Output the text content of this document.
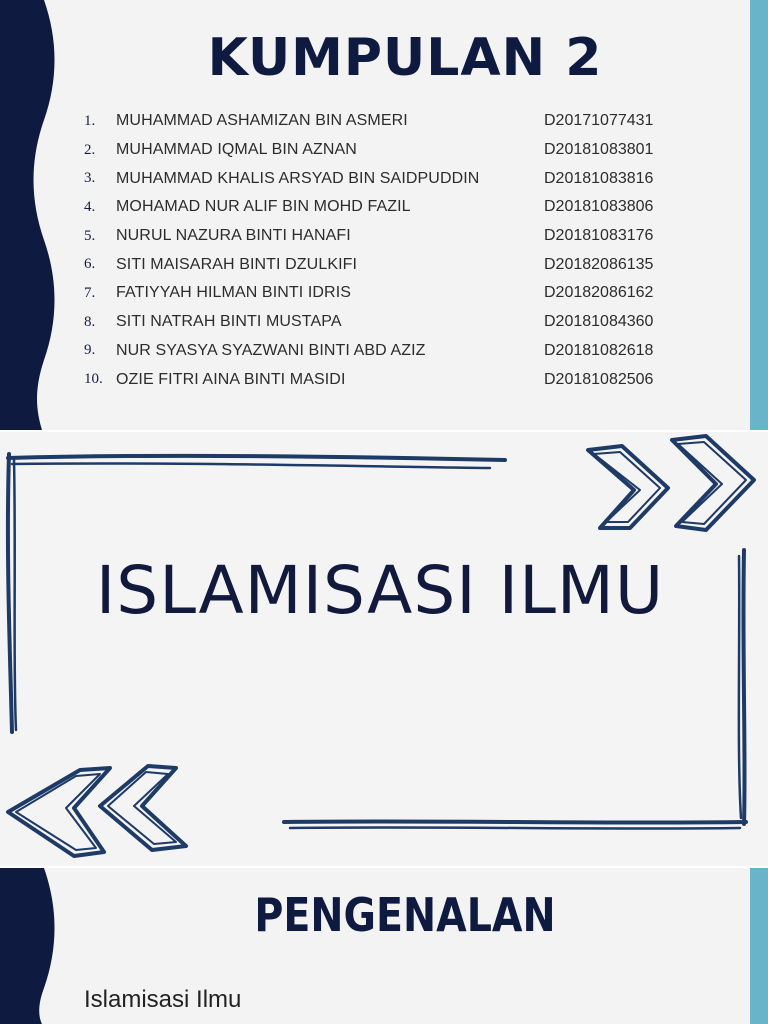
KUMPULAN 2
1.	MUHAMMAD ASHAMIZAN BIN ASMERI	D20171077431
2.	MUHAMMAD IQMAL BIN AZNAN	D20181083801
3.	MUHAMMAD KHALIS ARSYAD BIN SAIDPUDDIN	D20181083816
4.	MOHAMAD NUR ALIF BIN MOHD FAZIL	D20181083806
5.	NURUL NAZURA BINTI HANAFI	D20181083176
6.	SITI MAISARAH BINTI DZULKIFI	D20182086135
7.	FATIYYAH HILMAN BINTI IDRIS	D20182086162
8.	SITI NATRAH BINTI MUSTAPA	D20181084360
9.	NUR SYASYA SYAZWANI BINTI ABD AZIZ	D20181082618
10. OZIE FITRI AINA BINTI MASIDI	D20181082506
ISLAMISASI ILMU
PENGENALAN
Islamisasi Ilmu
